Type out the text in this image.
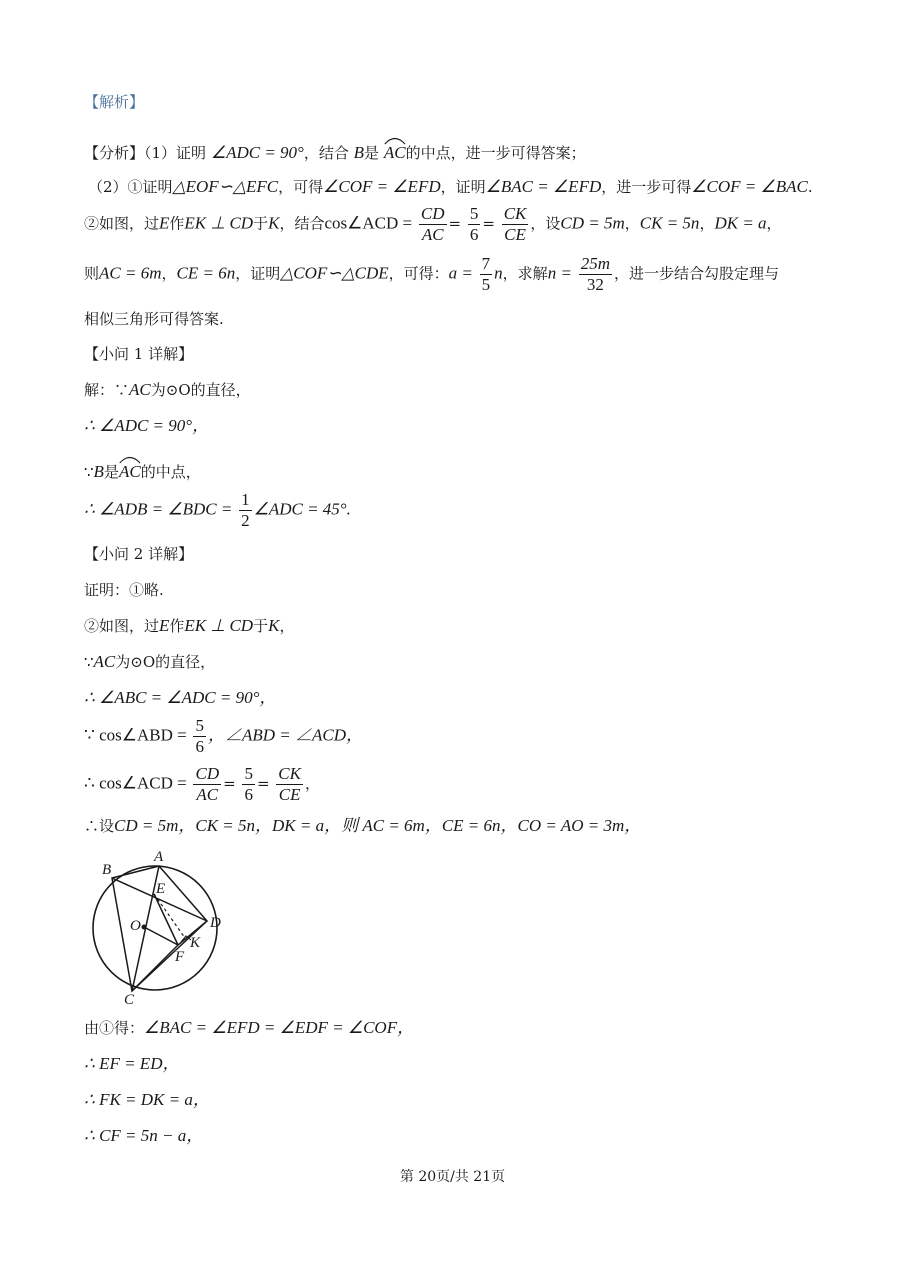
【解析】
【分析】（1）证明 ∠ADC = 90°，结合 B是 AC的中点，进一步可得答案；
（2）①证明△EOF∽△EFC，可得∠COF = ∠EFD，证明∠BAC = ∠EFD，进一步可得∠COF = ∠BAC.
②如图，过E作EK ⊥ CD于K，结合cos∠ACD = $\frac{CD}{AC} = \frac{5}{6} = \frac{CK}{CE}$ ，设CD = 5m，CK = 5n，DK = a，
则AC = 6m，CE = 6n，证明△COF∽△CDE，可得：$a = \frac{7}{5}$ n，求解$n = \frac{25m}{32}$ ，进一步结合勾股定理与
相似三角形可得答案.
【小问 1 详解】
解：∵AC为⊙O的直径，
∴ ∠ADC = 90°，
∵B是
AC的中点，
∴ ∠ADB = ∠BDC = $\frac{1}{2}$ ∠ADC = 45°.
【小问 2 详解】
证明：①略.
②如图，过E作EK ⊥ CD于K，
∵AC为⊙O的直径，
∴ ∠ABC = ∠ADC = 90°，
∵ cos∠ABD = $\frac{5}{6}$ ，∠ABD = ∠ACD，
∴ cos∠ACD = $\frac{CD}{AC} = \frac{5}{6} = \frac{CK}{CE}$ ，
∴设CD = 5m，CK = 5n，DK = a，则 AC = 6m，CE = 6n，CO = AO = 3m，
B
A
E
O	D
K
F
C
由①得：∠BAC = ∠EFD = ∠EDF = ∠COF，
∴ EF = ED，
∴ FK = DK = a，
∴ CF = 5n − a，
第 20页/共 21页
